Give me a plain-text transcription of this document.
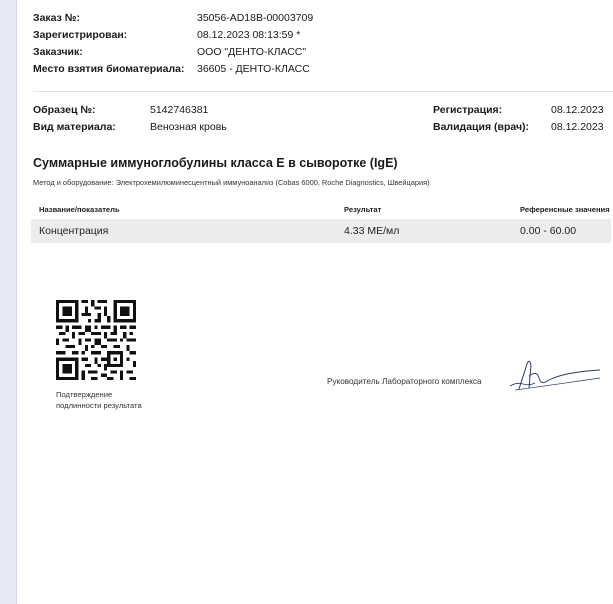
Заказ №:	35056-AD18B-00003709
Зарегистрирован:	08.12.2023 08:13:59 *
Заказчик:	ООО "ДЕНТО-КЛАСС"
Место взятия биоматериала: 36605 - ДЕНТО-КЛАСС
Образец №:	5142746381
Вид материала:	Венозная кровь
Регистрация:	08.12.2023
Валидация (врач): 08.12.2023
Суммарные иммуноглобулины класса E в сыворотке (IgE)
Метод и оборудование: Электрохемилюминесцентный иммуноанализ (Cobas 6000, Roche Diagnostics, Швейцария)
Название/показатель	Результат	Референсные значения
Концентрация	4.33 МЕ/мл	0.00 - 60.00
Подтверждение
подлинности результата
Руководитель Лабораторного комплекса
